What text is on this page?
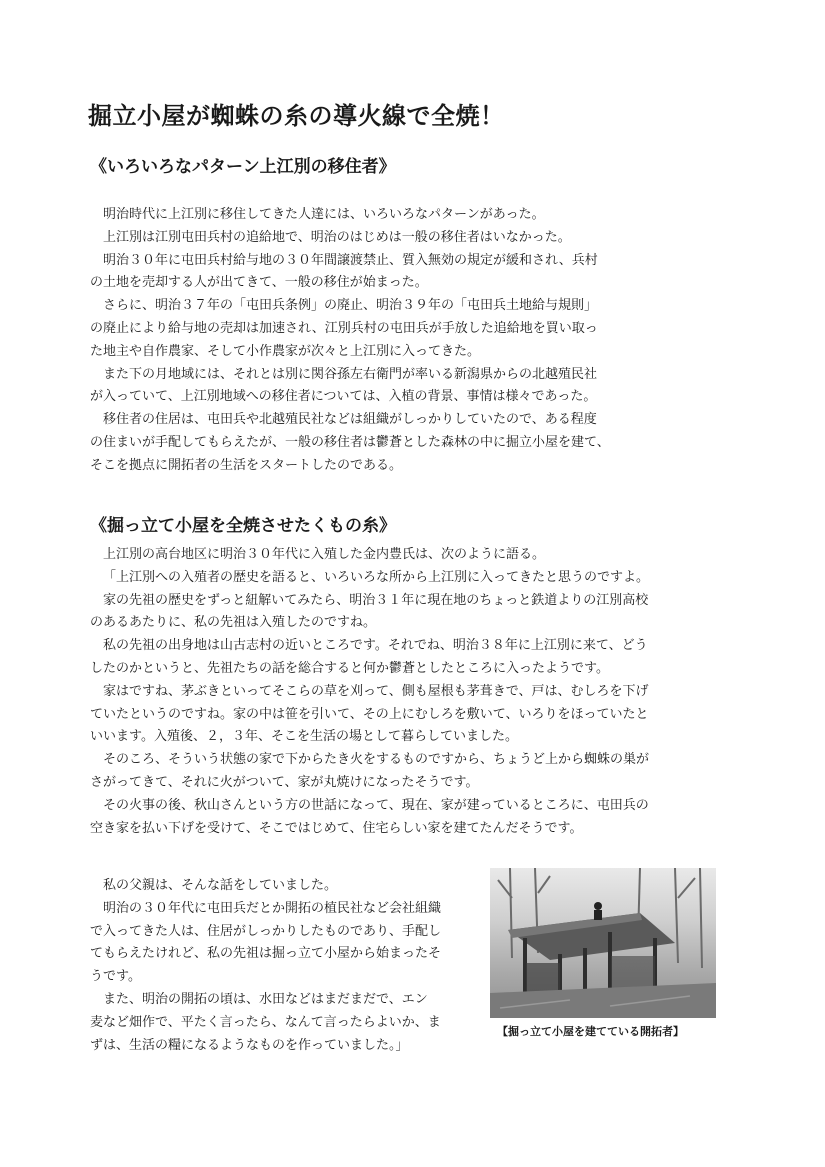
掘立小屋が蜘蛛の糸の導火線で全焼！
《いろいろなパターン上江別の移住者》

明治時代に上江別に移住してきた人達には、いろいろなパターンがあった。

上江別は江別屯田兵村の追給地で、明治のはじめは一般の移住者はいなかった。

明治３０年に屯田兵村給与地の３０年間譲渡禁止、質入無効の規定が緩和され、兵村

の土地を売却する人が出てきて、一般の移住が始まった。

さらに、明治３７年の「屯田兵条例」の廃止、明治３９年の「屯田兵土地給与規則」

の廃止により給与地の売却は加速され、江別兵村の屯田兵が手放した追給地を買い取っ

た地主や自作農家、そして小作農家が次々と上江別に入ってきた。

また下の月地域には、それとは別に関谷孫左右衛門が率いる新潟県からの北越殖民社

が入っていて、上江別地域への移住者については、入植の背景、事情は様々であった。

移住者の住居は、屯田兵や北越殖民社などは組織がしっかりしていたので、ある程度

の住まいが手配してもらえたが、一般の移住者は鬱蒼とした森林の中に掘立小屋を建て、

そこを拠点に開拓者の生活をスタートしたのである。

《掘っ立て小屋を全焼させたくもの糸》

上江別の高台地区に明治３０年代に入殖した金内豊氏は、次のように語る。

「上江別への入殖者の歴史を語ると、いろいろな所から上江別に入ってきたと思うのですよ。

家の先祖の歴史をずっと紐解いてみたら、明治３１年に現在地のちょっと鉄道よりの江別高校

のあるあたりに、私の先祖は入殖したのですね。

私の先祖の出身地は山古志村の近いところです。それでね、明治３８年に上江別に来て、どう

したのかというと、先祖たちの話を総合すると何か鬱蒼としたところに入ったようです。

家はですね、茅ぶきといってそこらの草を刈って、側も屋根も茅葺きで、戸は、むしろを下げ

ていたというのですね。家の中は笹を引いて、その上にむしろを敷いて、いろりをほっていたと

いいます。入殖後、２，３年、そこを生活の場として暮らしていました。

そのころ、そういう状態の家で下からたき火をするものですから、ちょうど上から蜘蛛の巣が

さがってきて、それに火がついて、家が丸焼けになったそうです。

その火事の後、秋山さんという方の世話になって、現在、家が建っているところに、屯田兵の

空き家を払い下げを受けて、そこではじめて、住宅らしい家を建てたんだそうです。

私の父親は、そんな話をしていました。

明治の３０年代に屯田兵だとか開拓の植民社など会社組織

で入ってきた人は、住居がしっかりしたものであり、手配し

てもらえたけれど、私の先祖は掘っ立て小屋から始まったそ

うです。

また、明治の開拓の頃は、水田などはまだまだで、エン

麦など畑作で、平たく言ったら、なんて言ったらよいか、ま

ずは、生活の糧になるようなものを作っていました。」

【掘っ立て小屋を建てている開拓者】
